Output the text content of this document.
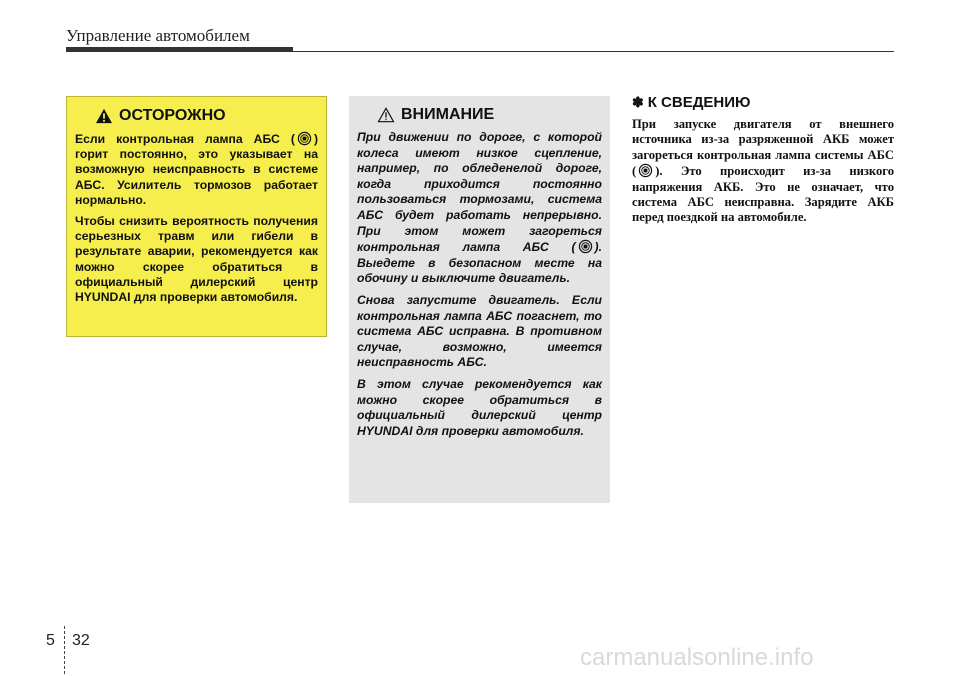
Управление автомобилем
ОСТОРОЖНО

Если контрольная лампа АБС ( ) горит постоянно, это указывает на возможную неисправность в системе АБС. Усилитель тормозов работает нормально.

Чтобы снизить вероятность получения серьезных травм или гибели в результате аварии, рекомендуется как можно скорее обратиться в официальный дилерский центр HYUNDAI для проверки автомобиля.

ВНИМАНИЕ

При движении по дороге, с которой колеса имеют низкое сцепление, например, по обледенелой дороге, когда приходится постоянно пользоваться тормозами, система АБС будет работать непрерывно. При этом может загореться контрольная лампа АБС ( ). Выедете в безопасном месте на обочину и выключите двигатель.

Снова запустите двигатель. Если контрольная лампа АБС погаснет, то система АБС исправна. В противном случае, возможно, имеется неисправность АБС.

В этом случае рекомендуется как можно скорее обратиться в официальный дилерский центр HYUNDAI для проверки автомобиля.

✽ К СВЕДЕНИЮ

При запуске двигателя от внешнего источника из-за разряженной АКБ может загореться контрольная лампа системы АБС ( ). Это происходит из-за низкого напряжения АКБ. Это не означает, что система АБС неисправна. Зарядите АКБ перед поездкой на автомобиле.

5 32
carmanualsonline.info
